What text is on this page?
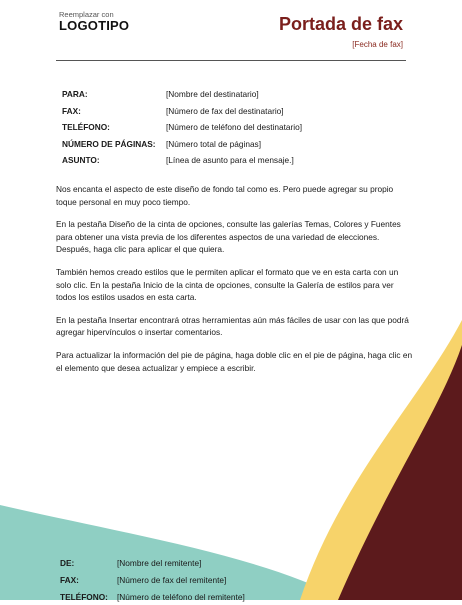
Reemplazar con
LOGOTIPO	Portada de fax
[Fecha de fax]
PARA:	[Nombre del destinatario]
FAX:	[Número de fax del destinatario]
TELÉFONO:	[Número de teléfono del destinatario]
NÚMERO DE PÁGINAS:	[Número total de páginas]
ASUNTO:	[Línea de asunto para el mensaje.]

Nos encanta el aspecto de este diseño de fondo tal como es. Pero puede agregar su propio toque personal en muy poco tiempo.

En la pestaña Diseño de la cinta de opciones, consulte las galerías Temas, Colores y Fuentes para obtener una vista previa de los diferentes aspectos de una variedad de elecciones. Después, haga clic para aplicar el que quiera.

También hemos creado estilos que le permiten aplicar el formato que ve en esta carta con un solo clic. En la pestaña Inicio de la cinta de opciones, consulte la Galería de estilos para ver todos los estilos usados en esta carta.

En la pestaña Insertar encontrará otras herramientas aún más fáciles de usar con las que podrá agregar hipervínculos o insertar comentarios.

Para actualizar la información del pie de página, haga doble clic en el pie de página, haga clic en el elemento que desea actualizar y empiece a escribir.

DE:	[Nombre del remitente]
FAX:	[Número de fax del remitente]
TELÉFONO:	[Número de teléfono del remitente]
